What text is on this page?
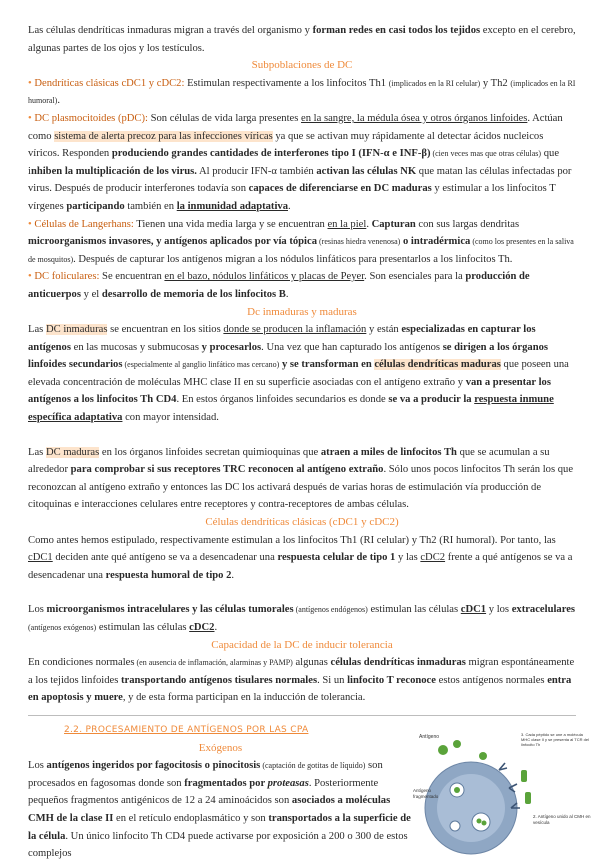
Las células dendríticas inmaduras migran a través del organismo y forman redes en casi todos los tejidos excepto en el cerebro, algunas partes de los ojos y los testículos.

Subpoblaciones de DC

• Dendríticas clásicas cDC1 y cDC2: Estimulan respectivamente a los linfocitos Th1 (implicados en la RI celular) y Th2 (implicados en la RI humoral).

• DC plasmocitoides (pDC): Son células de vida larga presentes en la sangre, la médula ósea y otros órganos linfoides. Actúan como sistema de alerta precoz para las infecciones víricas ya que se activan muy rápidamente al detectar ácidos nucleicos víricos. Responden produciendo grandes cantidades de interferones tipo I (IFN-α e INF-β) (cien veces mas que otras células) que inhiben la multiplicación de los virus. Al producir IFN-α también activan las células NK que matan las células infectadas por virus. Después de producir interferones todavía son capaces de diferenciarse en DC maduras y estimular a los linfocitos T vírgenes participando también en la inmunidad adaptativa.

• Células de Langerhans: Tienen una vida media larga y se encuentran en la piel. Capturan con sus largas dendritas microorganismos invasores, y antígenos aplicados por vía tópica (resinas hiedra venenosa) o intradérmica (como los presentes en la saliva de mosquitos). Después de capturar los antígenos migran a los nódulos linfáticos para presentarlos a los linfocitos Th.

• DC foliculares: Se encuentran en el bazo, nódulos linfáticos y placas de Peyer. Son esenciales para la producción de anticuerpos y el desarrollo de memoria de los linfocitos B.

Dc inmaduras y maduras

Las DC inmaduras se encuentran en los sitios donde se producen la inflamación y están especializadas en capturar los antígenos en las mucosas y submucosas y procesarlos. Una vez que han capturado los antígenos se dirigen a los órganos linfoides secundarios (especialmente al ganglio linfático mas cercano) y se transforman en células dendríticas maduras que poseen una elevada concentración de moléculas MHC clase II en su superficie asociadas con el antígeno extraño y van a presentar los antígenos a los linfocitos Th CD4. En estos órganos linfoides secundarios es donde se va a producir la respuesta inmune específica adaptativa con mayor intensidad.

Las DC maduras en los órganos linfoides secretan quimioquinas que atraen a miles de linfocitos Th que se acumulan a su alrededor para comprobar si sus receptores TRC reconocen al antígeno extraño. Sólo unos pocos linfocitos Th serán los que reconozcan al antígeno extraño y entonces las DC los activará después de varias horas de estimulación vía producción de citoquinas e interacciones celulares entre receptores y contra-receptores de ambas células.

Células dendríticas clásicas (cDC1 y cDC2)

Como antes hemos estipulado, respectivamente estimulan a los linfocitos Th1 (RI celular) y Th2 (RI humoral). Por tanto, las cDC1 deciden ante qué antígeno se va a desencadenar una respuesta celular de tipo 1 y las cDC2 frente a qué antígenos se va a desencadenar una respuesta humoral de tipo 2.

Los microorganismos intracelulares y las células tumorales (antígenos endógenos) estimulan las células cDC1 y los extracelulares (antígenos exógenos) estimulan las células cDC2.

Capacidad de la DC de inducir tolerancia

En condiciones normales (en ausencia de inflamación, alarminas y PAMP) algunas células dendríticas inmaduras migran espontáneamente a los tejidos linfoides transportando antígenos tisulares normales. Si un linfocito T reconoce estos antígenos normales entra en apoptosis y muere, y de esta forma participan en la inducción de tolerancia.

2.2. PROCESAMIENTO DE ANTÍGENOS POR LAS CPA

Exógenos

Los antígenos ingeridos por fagocitosis o pinocitosis (captación de gotitas de líquido) son procesados en fagosomas donde son fragmentados por proteasas. Posteriormente pequeños fragmentos antigénicos de 12 a 24 aminoácidos son asociados a moléculas CMH de la clase II en el retículo endoplasmático y son transportados a la superficie de la célula. Un único linfocito Th CD4 puede activarse por exposición a 200 o 300 de estos complejos

Antígeno	3. Cada péptido se une a molécula MHC clase II y se presenta al TCR del linfocito Th
Antígeno fragmentado
2. Antígeno unido al CMH en vesícula
